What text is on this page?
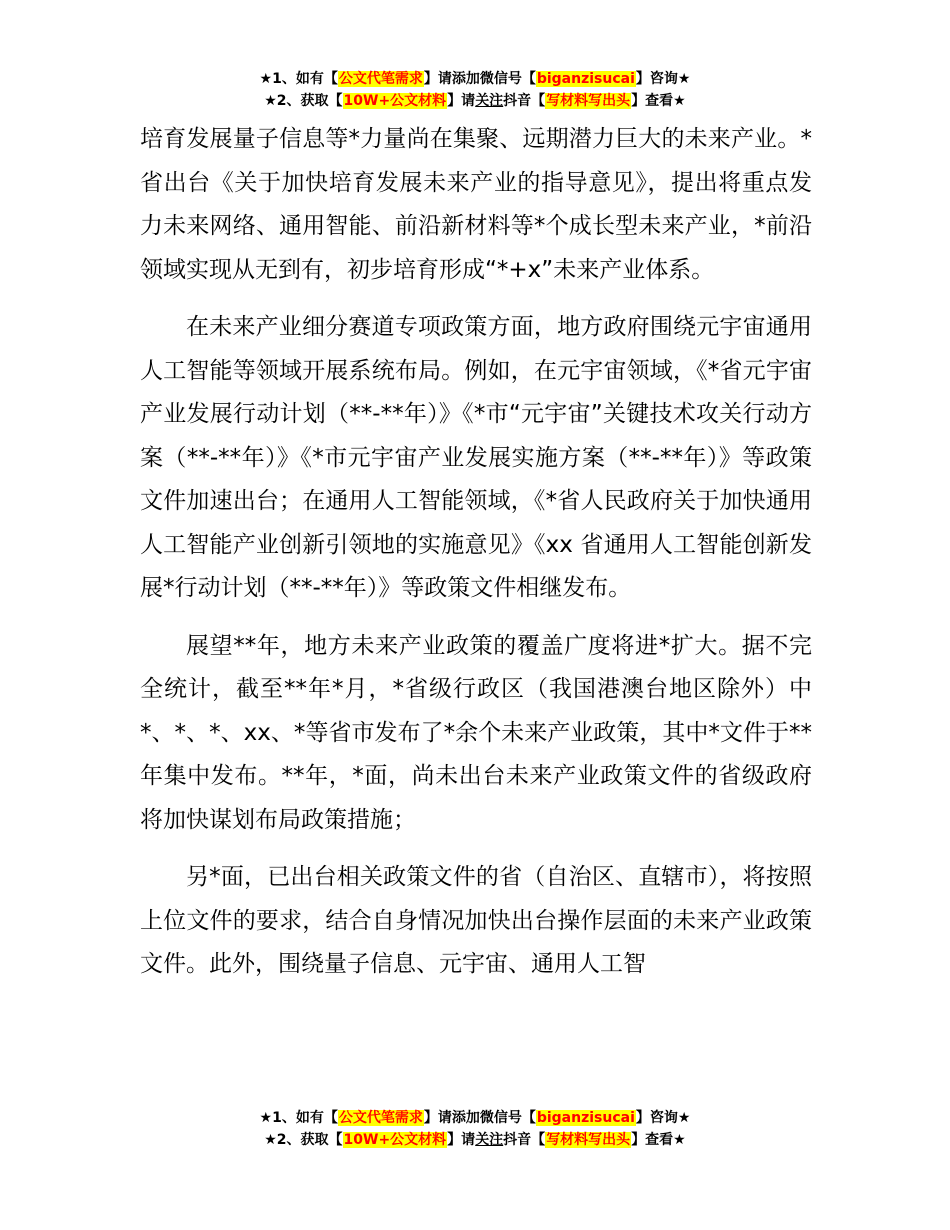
★1、如有【公文代笔需求】请添加微信号【biganzisucai】咨询★
★2、获取【10W+公文材料】请关注抖音【写材料写出头】查看★

培育发展量子信息等*力量尚在集聚、远期潜力巨大的未来产业。*省出台《关于加快培育发展未来产业的指导意见》，提出将重点发力未来网络、通用智能、前沿新材料等*个成长型未来产业，*前沿领域实现从无到有，初步培育形成“*+x”未来产业体系。

在未来产业细分赛道专项政策方面，地方政府围绕元宇宙通用人工智能等领域开展系统布局。例如，在元宇宙领域，《*省元宇宙产业发展行动计划（**-**年）》《*市“元宇宙”关键技术攻关行动方案（**-**年）》《*市元宇宙产业发展实施方案（**-**年）》等政策文件加速出台；在通用人工智能领域，《*省人民政府关于加快通用人工智能产业创新引领地的实施意见》《xx 省通用人工智能创新发展*行动计划（**-**年）》等政策文件相继发布。

展望**年，地方未来产业政策的覆盖广度将进*扩大。据不完全统计，截至**年*月，*省级行政区（我国港澳台地区除外）中*、*、*、xx、*等省市发布了*余个未来产业政策，其中*文件于**年集中发布。**年，*面，尚未出台未来产业政策文件的省级政府将加快谋划布局政策措施；

另*面，已出台相关政策文件的省（自治区、直辖市），将按照上位文件的要求，结合自身情况加快出台操作层面的未来产业政策文件。此外，围绕量子信息、元宇宙、通用人工智

★1、如有【公文代笔需求】请添加微信号【biganzisucai】咨询★
★2、获取【10W+公文材料】请关注抖音【写材料写出头】查看★
